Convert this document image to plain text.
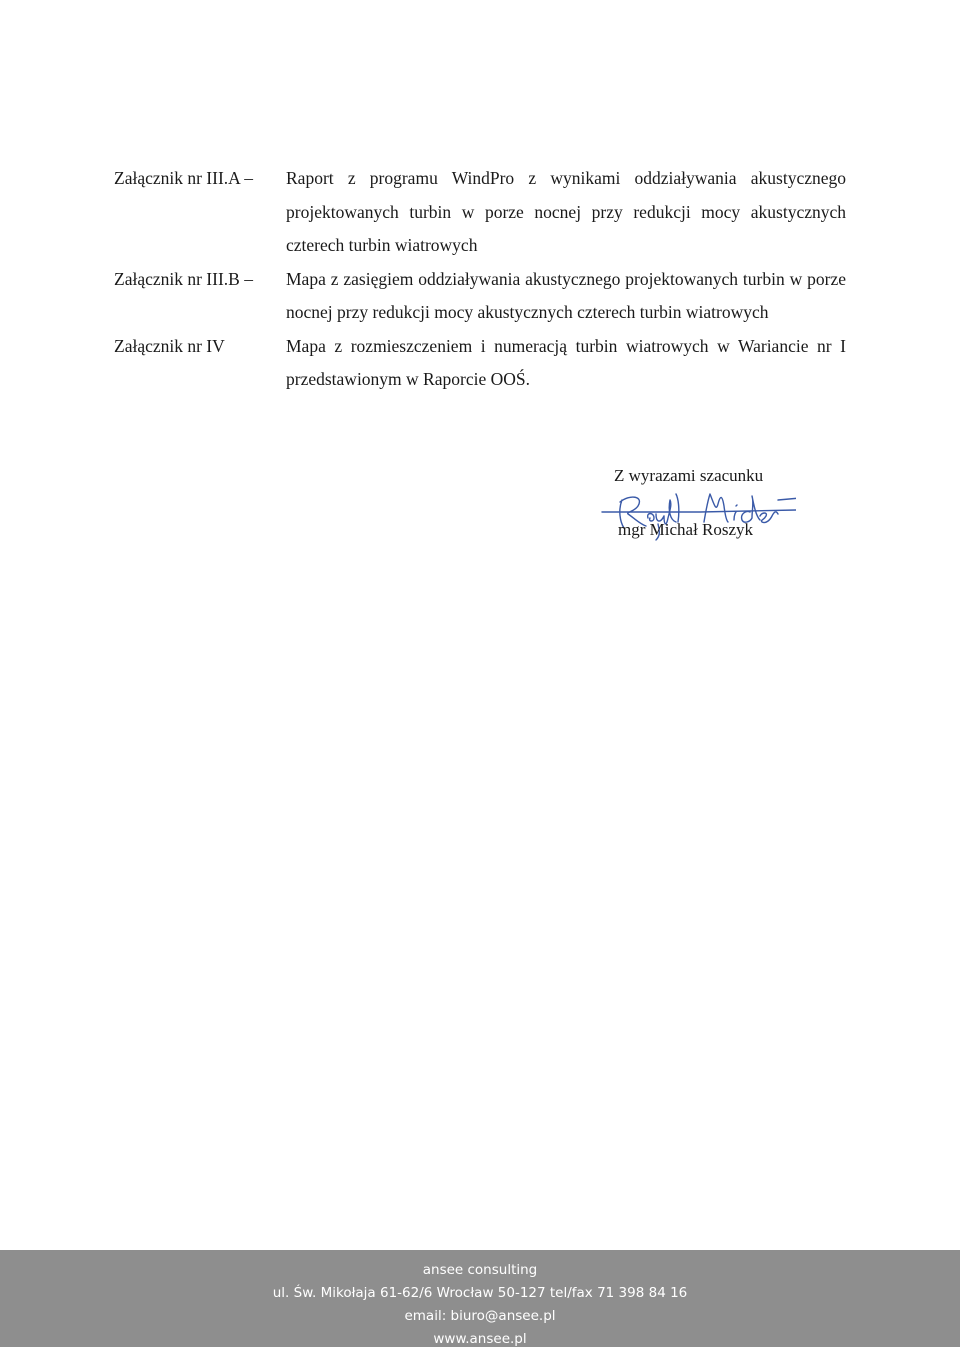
Załącznik nr III.A –	Raport z programu WindPro z wynikami oddziaływania akustycznego projektowanych turbin w porze nocnej przy redukcji mocy akustycznych czterech turbin wiatrowych
Załącznik nr III.B –	Mapa z zasięgiem oddziaływania akustycznego projektowanych turbin w porze nocnej przy redukcji mocy akustycznych czterech turbin wiatrowych
Załącznik nr IV	Mapa z rozmieszczeniem i numeracją turbin wiatrowych w Wariancie nr I przedstawionym w Raporcie OOŚ.
Z wyrazami szacunku
mgr Michał Roszyk
ansee consulting
ul. Św. Mikołaja 61-62/6 Wrocław 50-127 tel/fax 71 398 84 16
email: biuro@ansee.pl
www.ansee.pl
